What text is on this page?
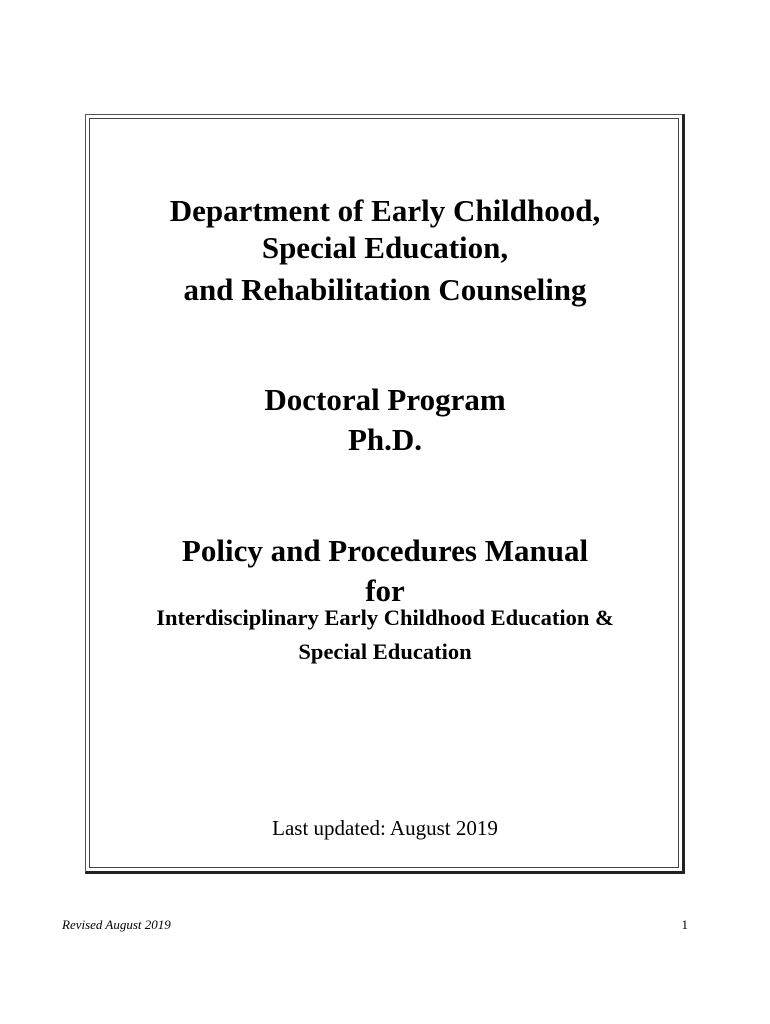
Department of Early Childhood,
Special Education,
and Rehabilitation Counseling
Doctoral Program
Ph.D.
Policy and Procedures Manual
for
Interdisciplinary Early Childhood Education &
Special Education
Last updated: August 2019
Revised August 2019	1
